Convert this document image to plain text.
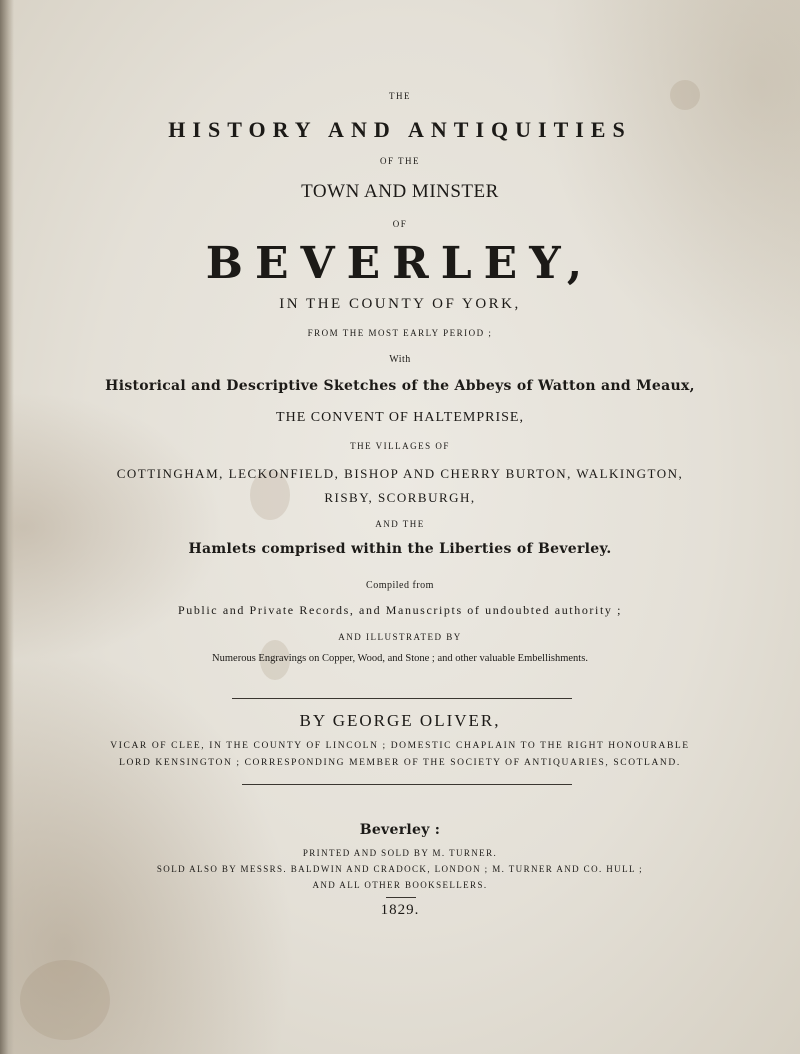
THE

HISTORY AND ANTIQUITIES

OF THE

TOWN AND MINSTER

OF

BEVERLEY,

IN THE COUNTY OF YORK,

FROM THE MOST EARLY PERIOD ;

With

Historical and Descriptive Sketches of the Abbeys of Watton and Meaux,

THE CONVENT OF HALTEMPRISE,

THE VILLAGES OF

COTTINGHAM, LECKONFIELD, BISHOP AND CHERRY BURTON, WALKINGTON,

RISBY, SCORBURGH,

AND THE

Hamlets comprised within the Liberties of Beverley.

Compiled from

Public and Private Records, and Manuscripts of undoubted authority ;

AND ILLUSTRATED BY

Numerous Engravings on Copper, Wood, and Stone ; and other valuable Embellishments.

BY GEORGE OLIVER,

VICAR OF CLEE, IN THE COUNTY OF LINCOLN ; DOMESTIC CHAPLAIN TO THE RIGHT HONOURABLE

LORD KENSINGTON ; CORRESPONDING MEMBER OF THE SOCIETY OF ANTIQUARIES, SCOTLAND.

Beverley :

PRINTED AND SOLD BY M. TURNER.

SOLD ALSO BY MESSRS. BALDWIN AND CRADOCK, LONDON ; M. TURNER AND CO. HULL ;

AND ALL OTHER BOOKSELLERS.

1829.
